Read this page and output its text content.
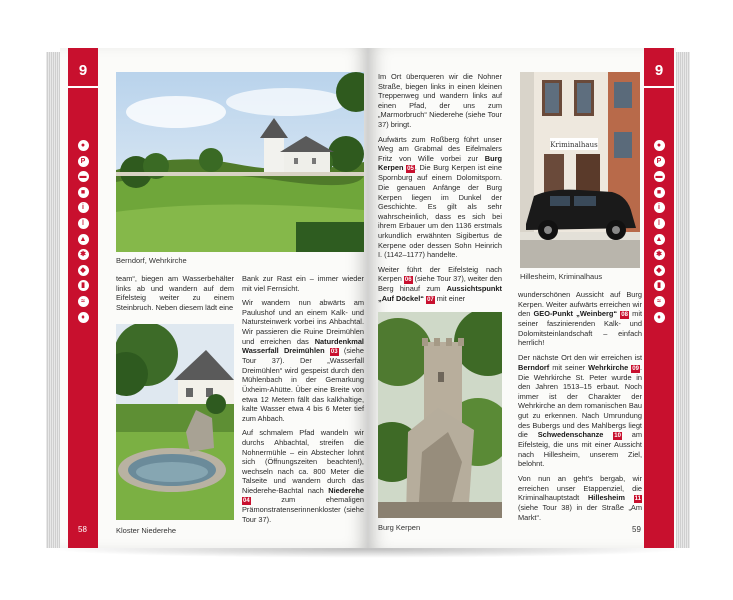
9
●
P
▬
■
i
ǀ
▲
✱
◆
▮
≈
♦
58
Berndorf, Wehrkirche

team“, biegen am Wasserbehälter links ab und wandern auf dem Eifelsteig weiter zu einem Steinbruch. Neben diesem lädt eine

Kloster Niederehe

Bank zur Rast ein – immer wieder mit viel Fernsicht.

Wir wandern nun abwärts am Paulushof und an einem Kalk- und Natursteinwerk vorbei ins Ahbachtal. Wir passieren die Ruine Dreimühlen und erreichen das Naturdenkmal Wasserfall Dreimühlen 03 (siehe Tour 37). Der „Wasserfall Dreimühlen“ wird gespeist durch den Mühlenbach in der Gemarkung Üxheim-Ahütte. Über eine Breite von etwa 12 Metern fällt das kalkhaltige, kalte Wasser etwa 4 bis 6 Meter tief zum Ahbach.

Auf schmalem Pfad wandeln wir durchs Ahbachtal, streifen die Nohnermühle – ein Abstecher lohnt sich (Öffnungszeiten beachten!), wechseln nach ca. 800 Meter die Talseite und wandern durch das Niederehe-Bachtal nach Niederehe 04 zum ehemaligen Prämonstratenserinnenkloster (siehe Tour 37).

9
●
P
▬
■
i
ǀ
▲
✱
◆
▮
≈
♦
59

Im Ort überqueren wir die Nohner Straße, biegen links in einen kleinen Treppenweg und wandern links auf einen Pfad, der uns zum „Marmorbruch“ Niederehe (siehe Tour 37) bringt.

Aufwärts zum Roßberg führt unser Weg am Grabmal des Eifelmalers Fritz von Wille vorbei zur Burg Kerpen 05. Die Burg Kerpen ist eine Spornburg auf einem Dolomitsporn. Die genauen Anfänge der Burg Kerpen liegen im Dunkel der Geschichte. Es gilt als sehr wahrscheinlich, dass es sich bei ihrem Erbauer um den 1136 erstmals urkundlich erwähnten Sigibertus de Kerpene oder dessen Sohn Heinrich I. (1142–1177) handelte.

Weiter führt der Eifelsteig nach Kerpen 06 (siehe Tour 37), weiter den Berg hinauf zum Aussichtspunkt „Auf Döckel“ 07 mit einer

Burg Kerpen
Kriminalhaus
Hillesheim, Kriminalhaus

wunderschönen Aussicht auf Burg Kerpen. Weiter aufwärts erreichen wir den GEO-Punkt „Weinberg“ 08 mit seiner faszinierenden Kalk- und Dolomitsteinlandschaft – einfach herrlich!

Der nächste Ort den wir erreichen ist Berndorf mit seiner Wehrkirche 09. Die Wehrkirche St. Peter wurde in den Jahren 1513–15 erbaut. Noch immer ist der Charakter der Wehrkirche an dem romanischen Bau gut zu erkennen. Nach Umrundung des Bubergs und des Mahlbergs liegt die Schwedenschanze 10 am Eifelsteig, die uns mit einer Aussicht nach Hillesheim, unserem Ziel, belohnt.

Von nun an geht's bergab, wir erreichen unser Etappenziel, die Kriminalhauptstadt Hillesheim 11 (siehe Tour 38) in der Straße „Am Markt“.
